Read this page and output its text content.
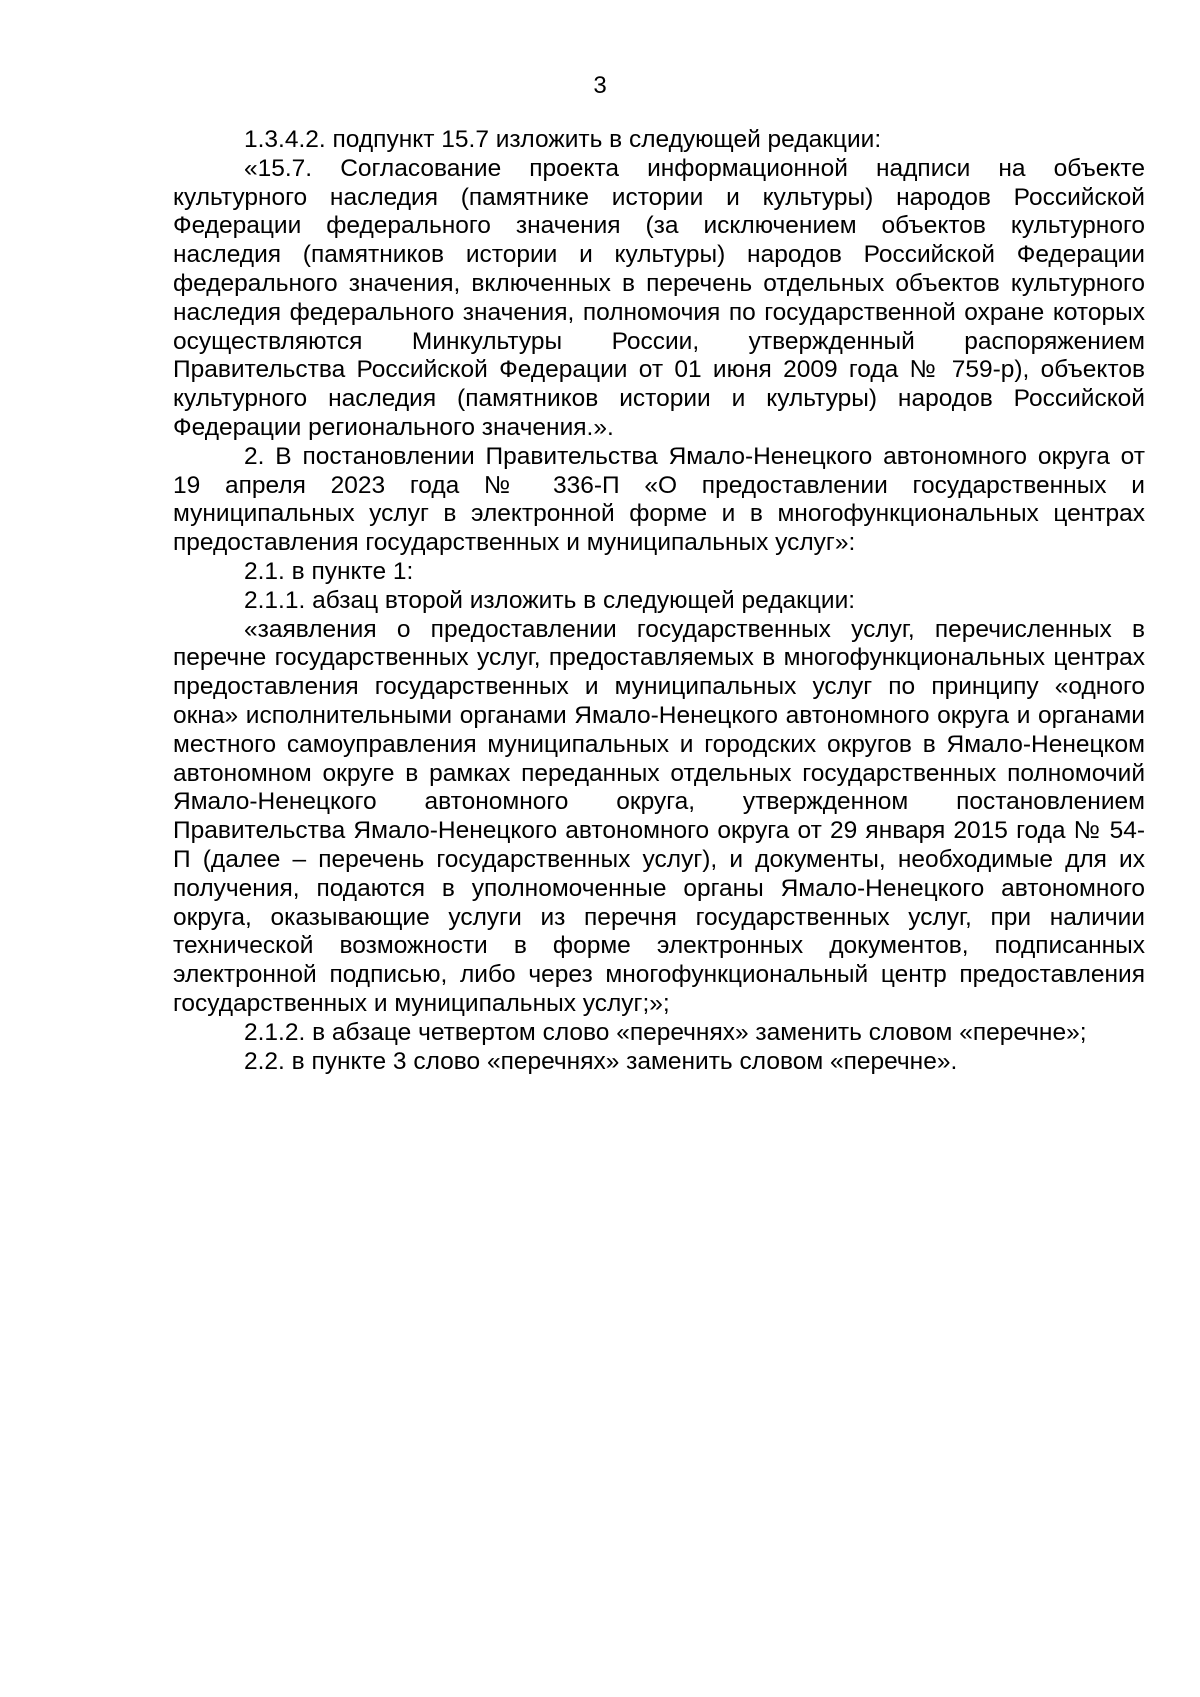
3

1.3.4.2. подпункт 15.7 изложить в следующей редакции:

«15.7. Согласование проекта информационной надписи на объекте культурного наследия (памятнике истории и культуры) народов Российской Федерации федерального значения (за исключением объектов культурного наследия (памятников истории и культуры) народов Российской Федерации федерального значения, включенных в перечень отдельных объектов культурного наследия федерального значения, полномочия по государственной охране которых осуществляются Минкультуры России, утвержденный распоряжением Правительства Российской Федерации от 01 июня 2009 года № 759-р), объектов культурного наследия (памятников истории и культуры) народов Российской Федерации регионального значения.».

2. В постановлении Правительства Ямало-Ненецкого автономного округа от 19 апреля 2023 года № 336-П «О предоставлении государственных и муниципальных услуг в электронной форме и в многофункциональных центрах предоставления государственных и муниципальных услуг»:

2.1. в пункте 1:

2.1.1. абзац второй изложить в следующей редакции:

«заявления о предоставлении государственных услуг, перечисленных в перечне государственных услуг, предоставляемых в многофункциональных центрах предоставления государственных и муниципальных услуг по принципу «одного окна» исполнительными органами Ямало-Ненецкого автономного округа и органами местного самоуправления муниципальных и городских округов в Ямало-Ненецком автономном округе в рамках переданных отдельных государственных полномочий Ямало-Ненецкого автономного округа, утвержденном постановлением Правительства Ямало-Ненецкого автономного округа от 29 января 2015 года № 54-П (далее – перечень государственных услуг), и документы, необходимые для их получения, подаются в уполномоченные органы Ямало-Ненецкого автономного округа, оказывающие услуги из перечня государственных услуг, при наличии технической возможности в форме электронных документов, подписанных электронной подписью, либо через многофункциональный центр предоставления государственных и муниципальных услуг;»;

2.1.2. в абзаце четвертом слово «перечнях» заменить словом «перечне»;

2.2. в пункте 3 слово «перечнях» заменить словом «перечне».
